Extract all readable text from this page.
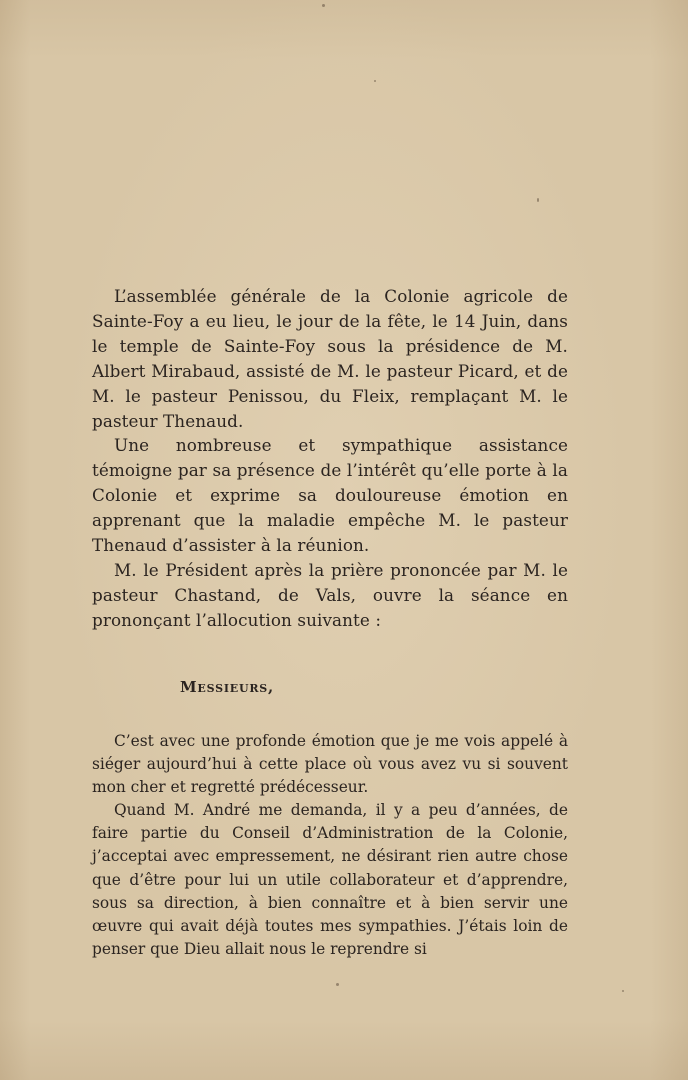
L’assemblée générale de la Colonie agricole de Sainte-Foy a eu lieu, le jour de la fête, le 14 Juin, dans le temple de Sainte-Foy sous la présidence de M. Albert Mirabaud, assisté de M. le pasteur Picard, et de M. le pasteur Penissou, du Fleix, remplaçant M. le pasteur Thenaud.

Une nombreuse et sympathique assistance témoigne par sa présence de l’intérêt qu’elle porte à la Colonie et exprime sa douloureuse émotion en apprenant que la maladie empêche M. le pasteur Thenaud d’assister à la réunion.

M. le Président après la prière prononcée par M. le pasteur Chastand, de Vals, ouvre la séance en prononçant l’allocution suivante :

Messieurs,

C’est avec une profonde émotion que je me vois appelé à siéger aujourd’hui à cette place où vous avez vu si souvent mon cher et regretté prédécesseur.

Quand M. André me demanda, il y a peu d’années, de faire partie du Conseil d’Administration de la Colonie, j’acceptai avec empressement, ne désirant rien autre chose que d’être pour lui un utile collaborateur et d’apprendre, sous sa direction, à bien connaître et à bien servir une œuvre qui avait déjà toutes mes sympathies. J’étais loin de penser que Dieu allait nous le reprendre si
